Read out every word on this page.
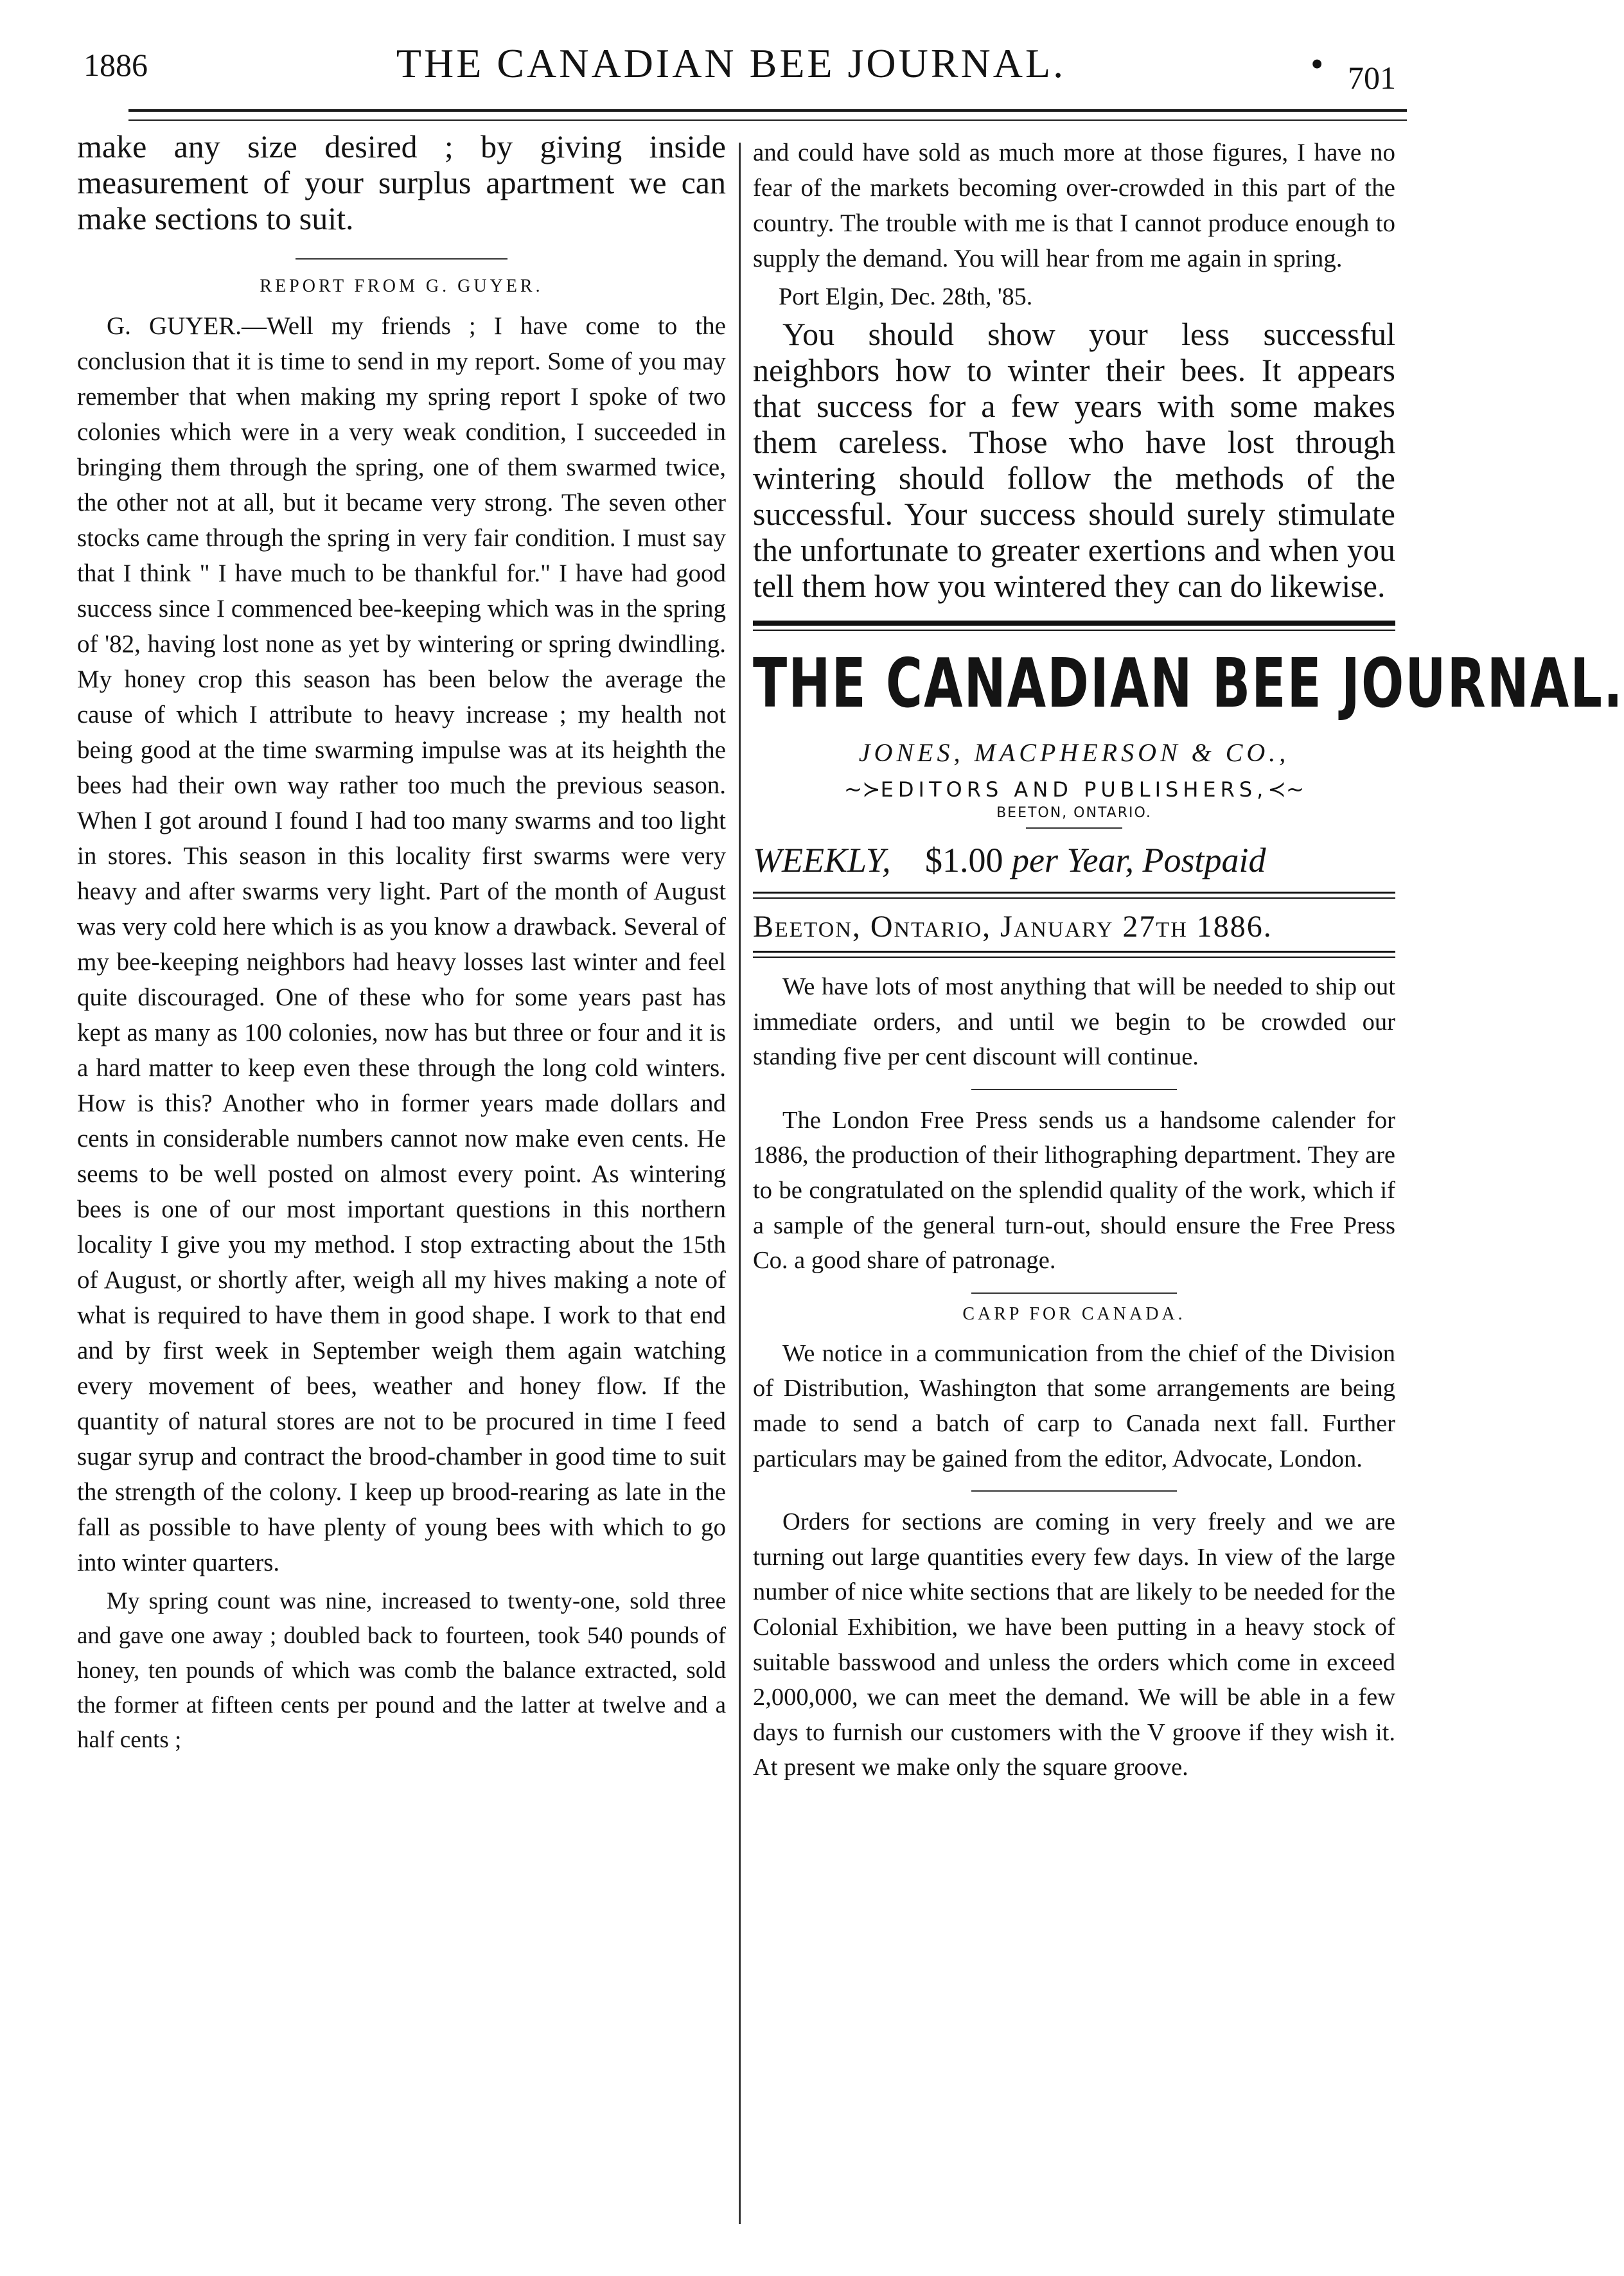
1886	THE CANADIAN BEE JOURNAL.	• 701

make any size desired ; by giving inside measurement of your surplus apartment we can make sections to suit.

REPORT FROM G. GUYER.

G. GUYER.—Well my friends ; I have come to the conclusion that it is time to send in my report. Some of you may remember that when making my spring report I spoke of two colonies which were in a very weak condition, I succeeded in bringing them through the spring, one of them swarmed twice, the other not at all, but it became very strong. The seven other stocks came through the spring in very fair condition. I must say that I think " I have much to be thankful for." I have had good success since I commenced bee-keeping which was in the spring of '82, having lost none as yet by wintering or spring dwindling. My honey crop this season has been below the average the cause of which I attribute to heavy increase ; my health not being good at the time swarming impulse was at its heighth the bees had their own way rather too much the previous season. When I got around I found I had too many swarms and too light in stores. This season in this locality first swarms were very heavy and after swarms very light. Part of the month of August was very cold here which is as you know a drawback. Several of my bee-keeping neighbors had heavy losses last winter and feel quite discouraged. One of these who for some years past has kept as many as 100 colonies, now has but three or four and it is a hard matter to keep even these through the long cold winters. How is this? Another who in former years made dollars and cents in considerable numbers cannot now make even cents. He seems to be well posted on almost every point. As wintering bees is one of our most important questions in this northern locality I give you my method. I stop extracting about the 15th of August, or shortly after, weigh all my hives making a note of what is required to have them in good shape. I work to that end and by first week in September weigh them again watching every movement of bees, weather and honey flow. If the quantity of natural stores are not to be procured in time I feed sugar syrup and contract the brood-chamber in good time to suit the strength of the colony. I keep up brood-rearing as late in the fall as possible to have plenty of young bees with which to go into winter quarters.

My spring count was nine, increased to twenty-one, sold three and gave one away ; doubled back to fourteen, took 540 pounds of honey, ten pounds of which was comb the balance extracted, sold the former at fifteen cents per pound and the latter at twelve and a half cents ;

and could have sold as much more at those figures, I have no fear of the markets becoming over-crowded in this part of the country. The trouble with me is that I cannot produce enough to supply the demand. You will hear from me again in spring.

Port Elgin, Dec. 28th, '85.

You should show your less successful neighbors how to winter their bees. It appears that success for a few years with some makes them careless. Those who have lost through wintering should follow the methods of the successful. Your success should surely stimulate the unfortunate to greater exertions and when you tell them how you wintered they can do likewise.

THE CANADIAN BEE JOURNAL.
JONES, MACPHERSON & CO.,
~≻EDITORS AND PUBLISHERS,≺~
BEETON, ONTARIO.
WEEKLY, $1.00 per Year, Postpaid
Beeton, Ontario, January 27th 1886.

We have lots of most anything that will be needed to ship out immediate orders, and until we begin to be crowded our standing five per cent discount will continue.

The London Free Press sends us a handsome calender for 1886, the production of their lithographing department. They are to be congratulated on the splendid quality of the work, which if a sample of the general turn-out, should ensure the Free Press Co. a good share of patronage.

CARP FOR CANADA.

We notice in a communication from the chief of the Division of Distribution, Washington that some arrangements are being made to send a batch of carp to Canada next fall. Further particulars may be gained from the editor, Advocate, London.

Orders for sections are coming in very freely and we are turning out large quantities every few days. In view of the large number of nice white sections that are likely to be needed for the Colonial Exhibition, we have been putting in a heavy stock of suitable basswood and unless the orders which come in exceed 2,000,000, we can meet the demand. We will be able in a few days to furnish our customers with the V groove if they wish it. At present we make only the square groove.
